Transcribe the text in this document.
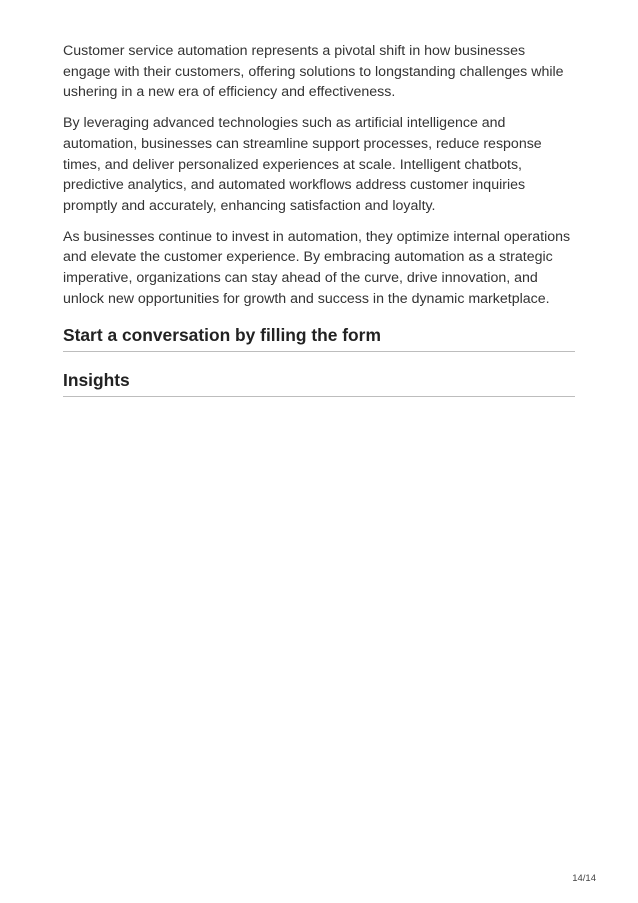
Customer service automation represents a pivotal shift in how businesses engage with their customers, offering solutions to longstanding challenges while ushering in a new era of efficiency and effectiveness.

By leveraging advanced technologies such as artificial intelligence and automation, businesses can streamline support processes, reduce response times, and deliver personalized experiences at scale. Intelligent chatbots, predictive analytics, and automated workflows address customer inquiries promptly and accurately, enhancing satisfaction and loyalty.

As businesses continue to invest in automation, they optimize internal operations and elevate the customer experience. By embracing automation as a strategic imperative, organizations can stay ahead of the curve, drive innovation, and unlock new opportunities for growth and success in the dynamic marketplace.

Start a conversation by filling the form
Insights
14/14
